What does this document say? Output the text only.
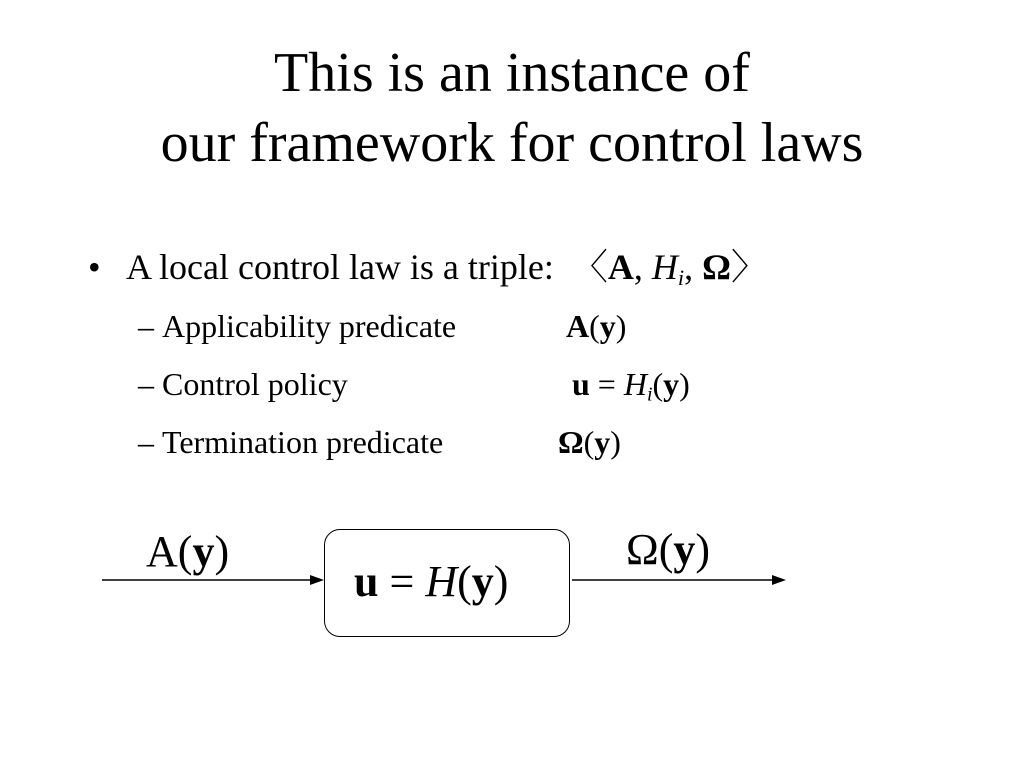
This is an instance of
our framework for control laws
• A local control law is a triple: 〈A, $H_i$, Ω〉
– Applicability predicate	A(y)
– Control policy	$u = H_i(y)$
– Termination predicate	Ω(y)
A(y)
u = H(y)
Ω(y)
